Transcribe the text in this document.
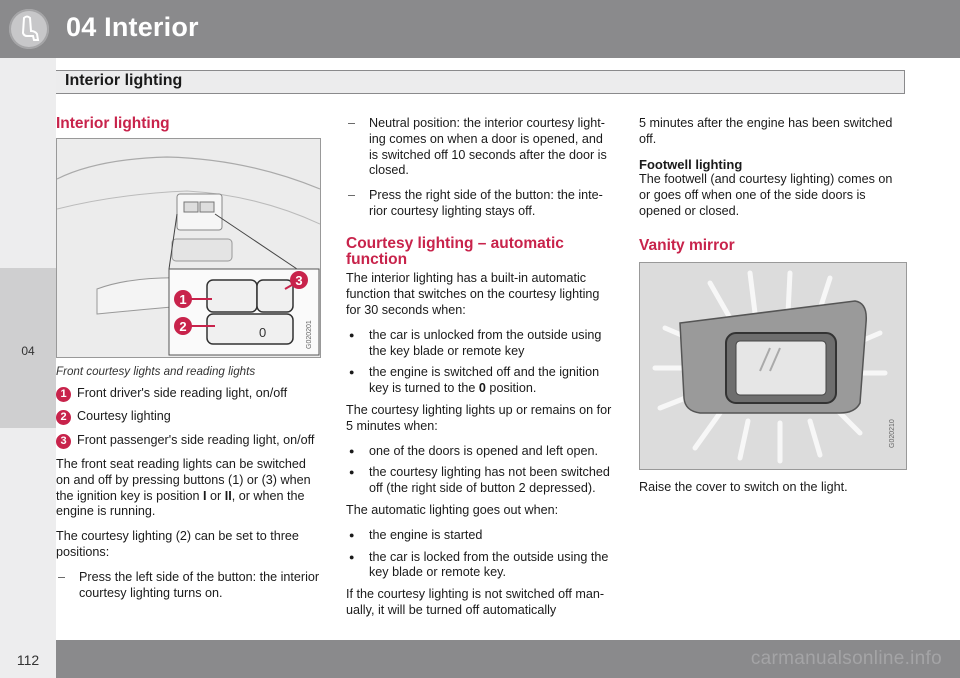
04 Interior
04
Interior lighting
Interior lighting
0
1
2
3
G020201
Front courtesy lights and reading lights
1 Front driver's side reading light, on/off
2 Courtesy lighting
3 Front passenger's side reading light, on/off

The front seat reading lights can be switched on and off by pressing buttons (1) or (3) when the ignition key is position I or II, or when the engine is running.

The courtesy lighting (2) can be set to three positions:

– Press the left side of the button: the interior courtesy lighting turns on.
– Neutral position: the interior courtesy light-ing comes on when a door is opened, and is switched off 10 seconds after the door is closed.
– Press the right side of the button: the inte-rior courtesy lighting stays off.
Courtesy lighting – automatic function

The interior lighting has a built-in automatic function that switches on the courtesy lighting for 30 seconds when:

● the car is unlocked from the outside using the key blade or remote key
● the engine is switched off and the ignition key is turned to the 0 position.

The courtesy lighting lights up or remains on for 5 minutes when:

● one of the doors is opened and left open.
● the courtesy lighting has not been switched off (the right side of button 2 depressed).

The automatic lighting goes out when:

● the engine is started
● the car is locked from the outside using the key blade or remote key.

If the courtesy lighting is not switched off man-ually, it will be turned off automatically

5 minutes after the engine has been switched off.

Footwell lighting

The footwell (and courtesy lighting) comes on or goes off when one of the side doors is opened or closed.

Vanity mirror
G020210

Raise the cover to switch on the light.

112	carmanualsonline.info
